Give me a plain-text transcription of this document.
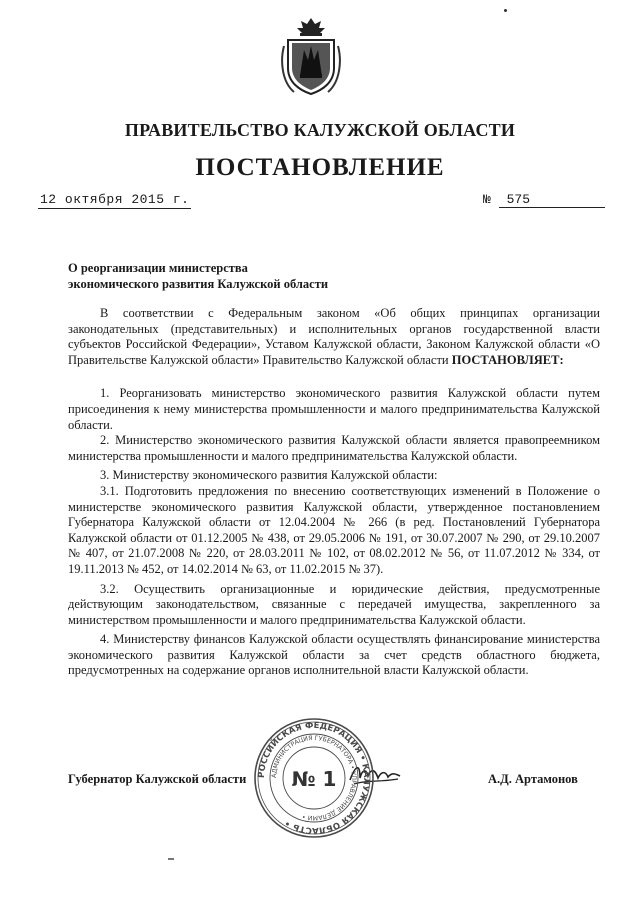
ПРАВИТЕЛЬСТВО КАЛУЖСКОЙ ОБЛАСТИ
ПОСТАНОВЛЕНИЕ
12 октября 2015 г.	№ 575
О реорганизации министерства
экономического развития Калужской области

В соответствии с Федеральным законом «Об общих принципах организации законодательных (представительных) и исполнительных органов государственной власти субъектов Российской Федерации», Уставом Калужской области, Законом Калужской области «О Правительстве Калужской области» Правительство Калужской области ПОСТАНОВЛЯЕТ:

1. Реорганизовать министерство экономического развития Калужской области путем присоединения к нему министерства промышленности и малого предпринимательства Калужской области.

2. Министерство экономического развития Калужской области является правопреемником министерства промышленности и малого предпринимательства Калужской области.

3. Министерству экономического развития Калужской области:

3.1. Подготовить предложения по внесению соответствующих изменений в Положение о министерстве экономического развития Калужской области, утвержденное постановлением Губернатора Калужской области от 12.04.2004 № 266 (в ред. Постановлений Губернатора Калужской области от 01.12.2005 № 438, от 29.05.2006 № 191, от 30.07.2007 № 290, от 29.10.2007 № 407, от 21.07.2008 № 220, от 28.03.2011 № 102, от 08.02.2012 № 56, от 11.07.2012 № 334, от 19.11.2013 № 452, от 14.02.2014 № 63, от 11.02.2015 № 37).

3.2. Осуществить организационные и юридические действия, предусмотренные действующим законодательством, связанные с передачей имущества, закрепленного за министерством промышленности и малого предпринимательства Калужской области.

4. Министерству финансов Калужской области осуществлять финансирование министерства экономического развития Калужской области за счет средств областного бюджета, предусмотренных на содержание органов исполнительной власти Калужской области.

Губернатор Калужской области	А.Д. Артамонов
РОССИЙСКАЯ ФЕДЕРАЦИЯ • КАЛУЖСКАЯ ОБЛАСТЬ •
АДМИНИСТРАЦИЯ ГУБЕРНАТОРА • УПРАВЛЕНИЕ ДЕЛАМИ •
№ 1
